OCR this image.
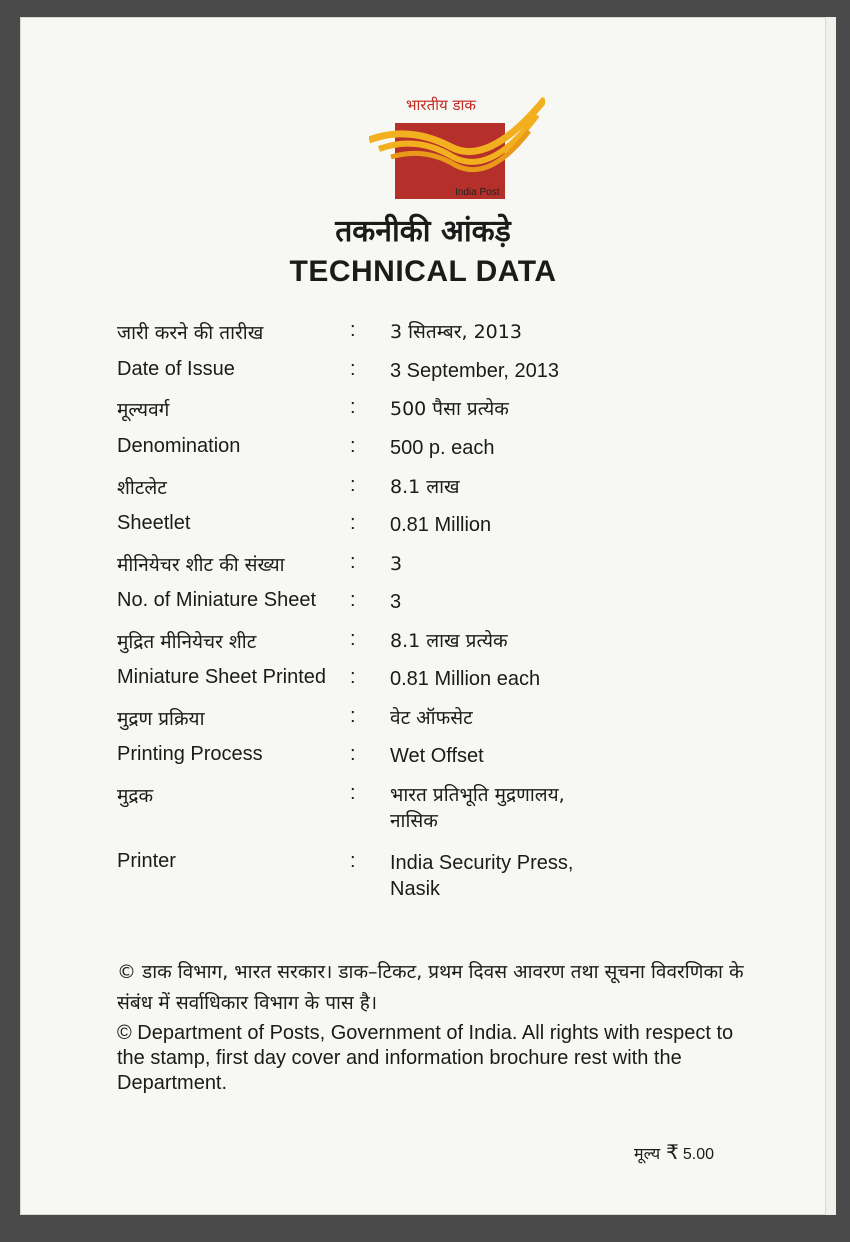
भारतीय डाक
India Post
तकनीकी आंकड़े
TECHNICAL DATA
जारी करने की तारीख	: 3 सितम्बर, 2013
Date of Issue	: 3 September, 2013
मूल्यवर्ग	: 500 पैसा प्रत्येक
Denomination	: 500 p. each
शीटलेट	: 8.1 लाख
Sheetlet	: 0.81 Million
मीनियेचर शीट की संख्या	: 3
No. of Miniature Sheet : 3
मुद्रित मीनियेचर शीट	: 8.1 लाख प्रत्येक
Miniature Sheet Printed : 0.81 Million each
मुद्रण प्रक्रिया	: वेट ऑफसेट
Printing Process	: Wet Offset
मुद्रक	: भारत प्रतिभूति मुद्रणालय,
नासिक
Printer	: India Security Press,
Nasik
© डाक विभाग, भारत सरकार। डाक–टिकट, प्रथम दिवस आवरण तथा सूचना विवरणिका के संबंध में सर्वाधिकार विभाग के पास है।
© Department of Posts, Government of India. All rights with respect to the stamp, first day cover and information brochure rest with the Department.
मूल्य ₹ 5.00
